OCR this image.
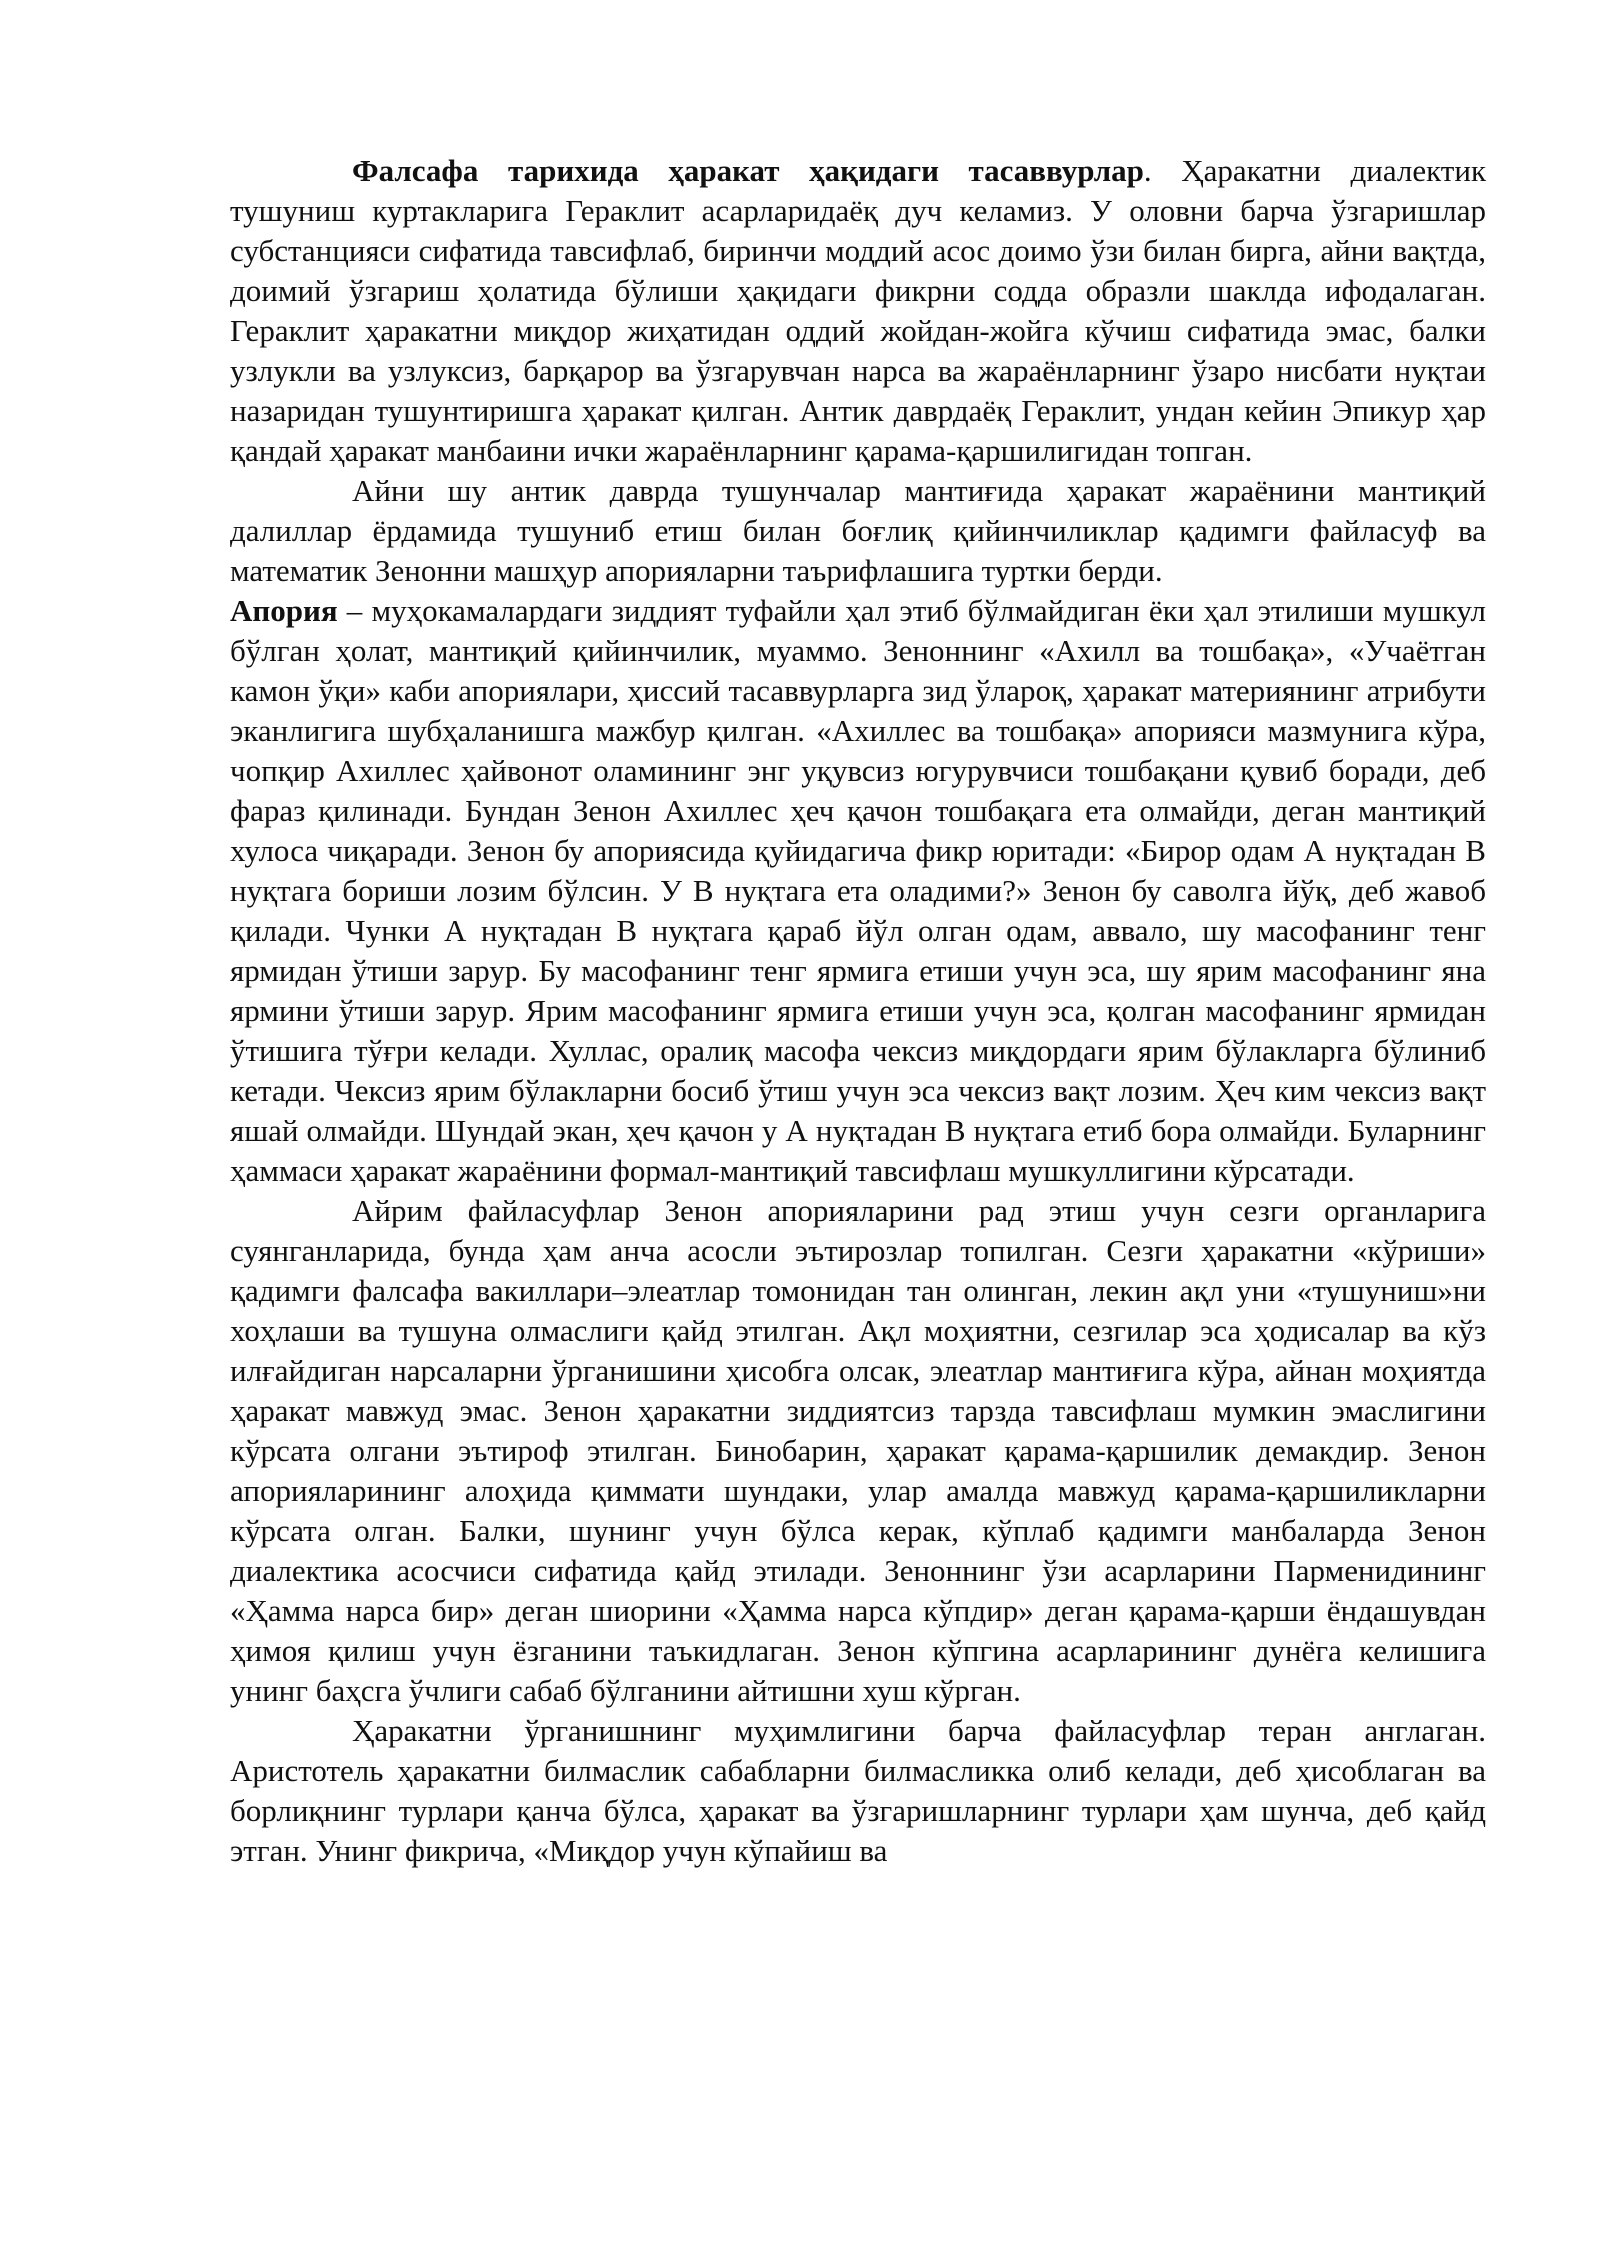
Фалсафа тарихида ҳаракат ҳақидаги тасаввурлар. Ҳаракатни диалектик тушуниш куртакларига Гераклит асарларидаёқ дуч келамиз. У оловни барча ўзгаришлар субстанцияси сифатида тавсифлаб, биринчи моддий асос доимо ўзи билан бирга, айни вақтда, доимий ўзгариш ҳолатида бўлиши ҳақидаги фикрни содда образли шаклда ифодалаган. Гераклит ҳаракатни миқдор жиҳатидан оддий жойдан-жойга кўчиш сифатида эмас, балки узлукли ва узлуксиз, барқарор ва ўзгарувчан нарса ва жараёнларнинг ўзаро нисбати нуқтаи назаридан тушунтиришга ҳаракат қилган. Антик даврдаёқ Гераклит, ундан кейин Эпикур ҳар қандай ҳаракат манбаини ички жараёнларнинг қарама-қаршилигидан топган.

Айни шу антик даврда тушунчалар мантиғида ҳаракат жараёнини мантиқий далиллар ёрдамида тушуниб етиш билан боғлиқ қийинчиликлар қадимги файласуф ва математик Зенонни машҳур апорияларни таърифлашига туртки берди.

Апория – муҳокамалардаги зиддият туфайли ҳал этиб бўлмайдиган ёки ҳал этилиши мушкул бўлган ҳолат, мантиқий қийинчилик, муаммо. Зеноннинг «Ахилл ва тошбақа», «Учаётган камон ўқи» каби апориялари, ҳиссий тасаввурларга зид ўлароқ, ҳаракат материянинг атрибути эканлигига шубҳаланишга мажбур қилган. «Ахиллес ва тошбақа» апорияси мазмунига кўра, чопқир Ахиллес ҳайвонот оламининг энг уқувсиз югурувчиси тошбақани қувиб боради, деб фараз қилинади. Бундан Зенон Ахиллес ҳеч қачон тошбақага ета олмайди, деган мантиқий хулоса чиқаради. Зенон бу апориясида қуйидагича фикр юритади: «Бирор одам А нуқтадан В нуқтага бориши лозим бўлсин. У В нуқтага ета оладими?» Зенон бу саволга йўқ, деб жавоб қилади. Чунки А нуқтадан В нуқтага қараб йўл олган одам, аввало, шу масофанинг тенг ярмидан ўтиши зарур. Бу масофанинг тенг ярмига етиши учун эса, шу ярим масофанинг яна ярмини ўтиши зарур. Ярим масофанинг ярмига етиши учун эса, қолган масофанинг ярмидан ўтишига тўғри келади. Хуллас, оралиқ масофа чексиз миқдордаги ярим бўлакларга бўлиниб кетади. Чексиз ярим бўлакларни босиб ўтиш учун эса чексиз вақт лозим. Ҳеч ким чексиз вақт яшай олмайди. Шундай экан, ҳеч қачон у А нуқтадан В нуқтага етиб бора олмайди. Буларнинг ҳаммаси ҳаракат жараёнини формал-мантиқий тавсифлаш мушкуллигини кўрсатади.

Айрим файласуфлар Зенон апорияларини рад этиш учун сезги органларига суянганларида, бунда ҳам анча асосли эътирозлар топилган. Сезги ҳаракатни «кўриши» қадимги фалсафа вакиллари–элеатлар томонидан тан олинган, лекин ақл уни «тушуниш»ни хоҳлаши ва тушуна олмаслиги қайд этилган. Ақл моҳиятни, сезгилар эса ҳодисалар ва кўз илғайдиган нарсаларни ўрганишини ҳисобга олсак, элеатлар мантиғига кўра, айнан моҳиятда ҳаракат мавжуд эмас. Зенон ҳаракатни зиддиятсиз тарзда тавсифлаш мумкин эмаслигини кўрсата олгани эътироф этилган. Бинобарин, ҳаракат қарама-қаршилик демакдир. Зенон апорияларининг алоҳида қиммати шундаки, улар амалда мавжуд қарама-қаршиликларни кўрсата олган. Балки, шунинг учун бўлса керак, кўплаб қадимги манбаларда Зенон диалектика асосчиси сифатида қайд этилади. Зеноннинг ўзи асарларини Парменидининг «Ҳамма нарса бир» деган шиорини «Ҳамма нарса кўпдир» деган қарама-қарши ёндашувдан ҳимоя қилиш учун ёзганини таъкидлаган. Зенон кўпгина асарларининг дунёга келишига унинг баҳсга ўчлиги сабаб бўлганини айтишни хуш кўрган.

Ҳаракатни ўрганишнинг муҳимлигини барча файласуфлар теран англаган. Аристотель ҳаракатни билмаслик сабабларни билмасликка олиб келади, деб ҳисоблаган ва борлиқнинг турлари қанча бўлса, ҳаракат ва ўзгаришларнинг турлари ҳам шунча, деб қайд этган. Унинг фикрича, «Миқдор учун кўпайиш ва
